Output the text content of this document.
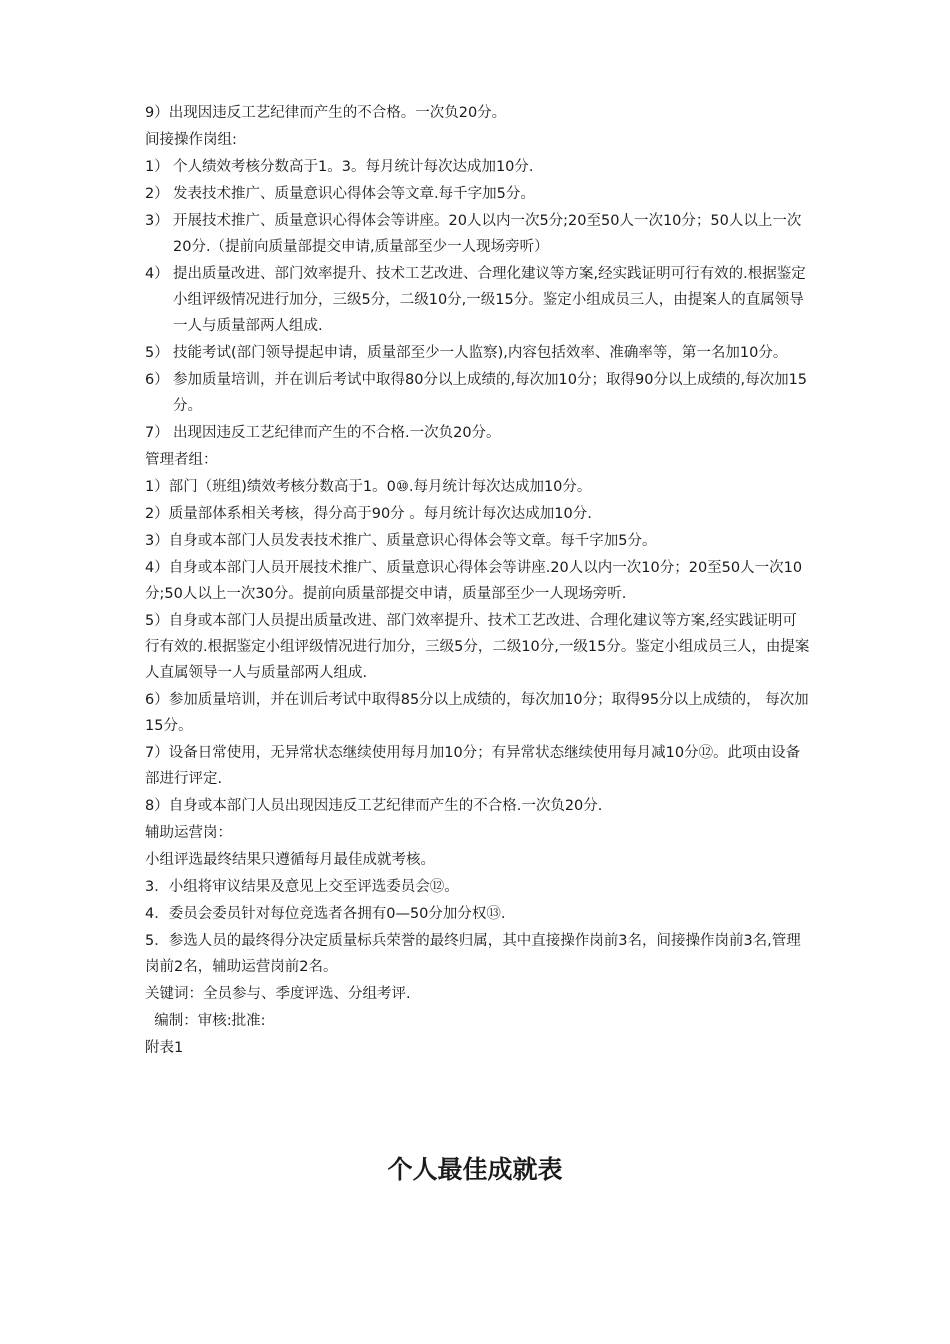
9）出现因违反工艺纪律而产生的不合格。一次负20分。

间接操作岗组:

1） 个人绩效考核分数高于1。3。每月统计每次达成加10分.
2） 发表技术推广、质量意识心得体会等文章.每千字加5分。
3） 开展技术推广、质量意识心得体会等讲座。20人以内一次5分;20至50人一次10分；50人以上一次20分.（提前向质量部提交申请,质量部至少一人现场旁听）
4） 提出质量改进、部门效率提升、技术工艺改进、合理化建议等方案,经实践证明可行有效的.根据鉴定小组评级情况进行加分，三级5分，二级10分,一级15分。鉴定小组成员三人，由提案人的直属领导一人与质量部两人组成.
5） 技能考试(部门领导提起申请，质量部至少一人监察),内容包括效率、准确率等，第一名加10分。
6） 参加质量培训，并在训后考试中取得80分以上成绩的,每次加10分；取得90分以上成绩的,每次加15分。
7） 出现因违反工艺纪律而产生的不合格.一次负20分。

管理者组：

1）部门（班组)绩效考核分数高于1。0⑩.每月统计每次达成加10分。

2）质量部体系相关考核，得分高于90分 。每月统计每次达成加10分.

3）自身或本部门人员发表技术推广、质量意识心得体会等文章。每千字加5分。

4）自身或本部门人员开展技术推广、质量意识心得体会等讲座.20人以内一次10分；20至50人一次10分;50人以上一次30分。提前向质量部提交申请，质量部至少一人现场旁听.

5）自身或本部门人员提出质量改进、部门效率提升、技术工艺改进、合理化建议等方案,经实践证明可行有效的.根据鉴定小组评级情况进行加分，三级5分，二级10分,一级15分。鉴定小组成员三人，由提案人直属领导一人与质量部两人组成.

6）参加质量培训，并在训后考试中取得85分以上成绩的，每次加10分；取得95分以上成绩的， 每次加15分。

7）设备日常使用，无异常状态继续使用每月加10分；有异常状态继续使用每月减10分⑫。此项由设备部进行评定.

8）自身或本部门人员出现因违反工艺纪律而产生的不合格.一次负20分.

辅助运营岗：

小组评选最终结果只遵循每月最佳成就考核。

3．小组将审议结果及意见上交至评选委员会⑫。

4．委员会委员针对每位竞选者各拥有0—50分加分权⑬.

5．参选人员的最终得分决定质量标兵荣誉的最终归属，其中直接操作岗前3名，间接操作岗前3名,管理岗前2名，辅助运营岗前2名。

关键词：全员参与、季度评选、分组考评.

编制：审核:批准:

附表1

个人最佳成就表
